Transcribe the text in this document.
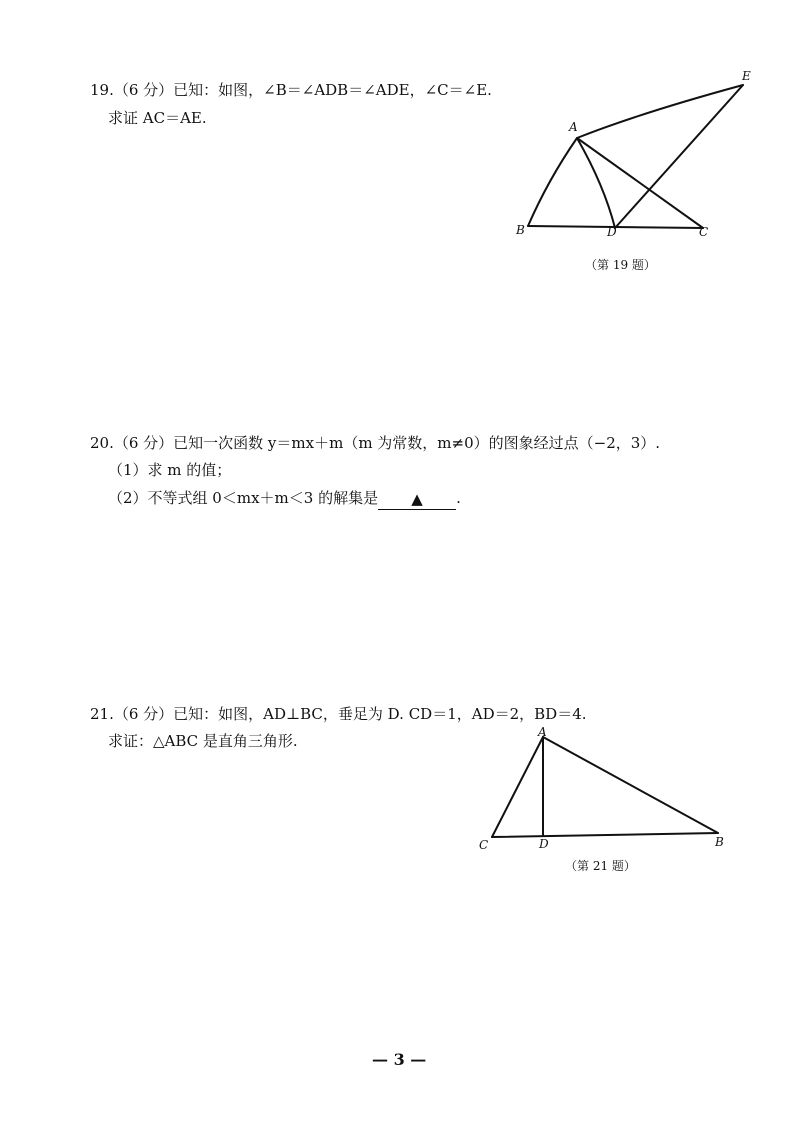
19.（6 分）已知：如图，∠B＝∠ADB＝∠ADE，∠C＝∠E.
求证 AC＝AE.	A
B	D	C
E
（第 19 题）
20.（6 分）已知一次函数 y＝mx＋m（m 为常数，m≠0）的图象经过点（−2，3）.
（1）求 m 的值；
（2）不等式组 0＜mx＋m＜3 的解集是 ▲ .
21.（6 分）已知：如图，AD⊥BC，垂足为 D. CD＝1，AD＝2，BD＝4.
求证：△ABC 是直角三角形.	A
C	D	B
（第 21 题）
— 3 —
